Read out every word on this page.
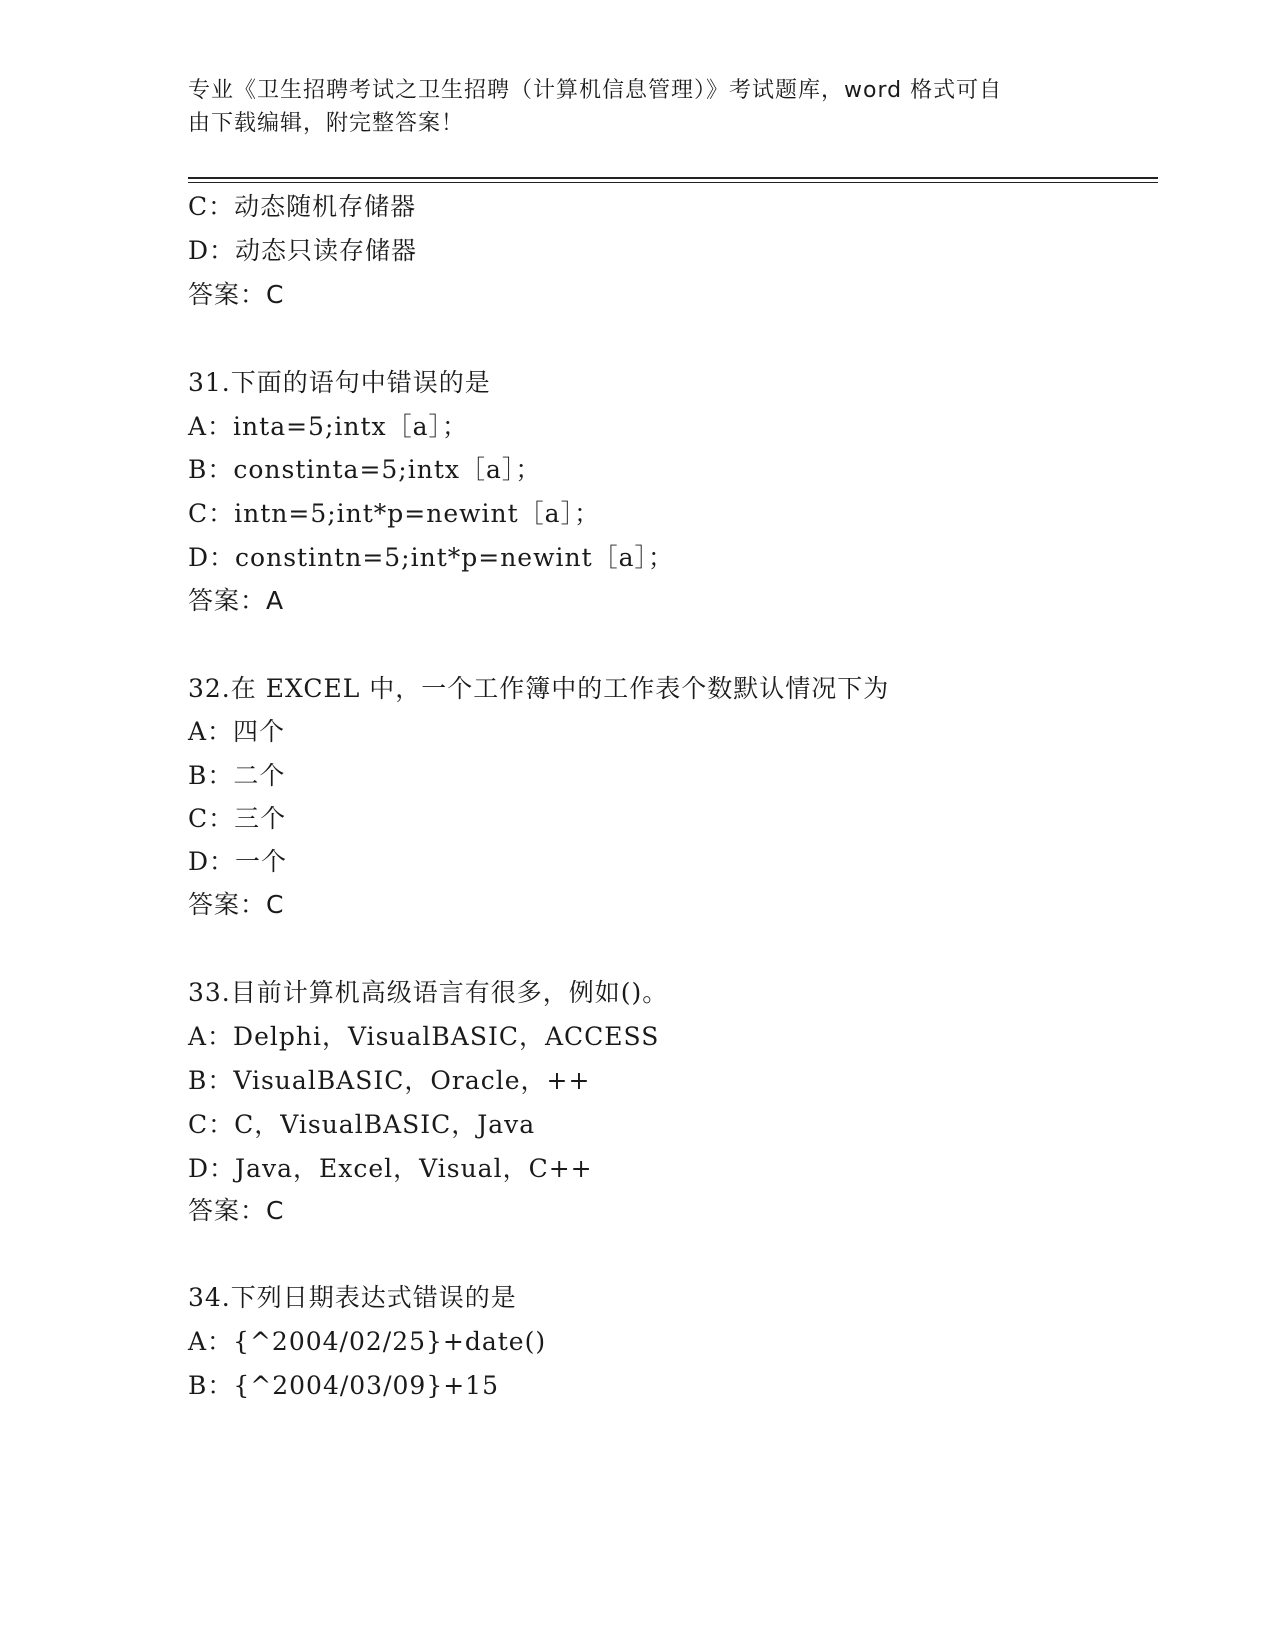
专业《卫生招聘考试之卫生招聘（计算机信息管理）》考试题库，word 格式可自
由下载编辑，附完整答案！
C：动态随机存储器
D：动态只读存储器
答案：C
31.下面的语句中错误的是
A：inta=5;intx［a］；
B：constinta=5;intx［a］；
C：intn=5;int*p=newint［a］；
D：constintn=5;int*p=newint［a］；
答案：A
32.在 EXCEL 中，一个工作簿中的工作表个数默认情况下为
A：四个
B：二个
C：三个
D：一个
答案：C
33.目前计算机高级语言有很多，例如()。
A：Delphi，VisualBASIC，ACCESS
B：VisualBASIC，Oracle，++
C：C，VisualBASIC，Java
D：Java，Excel，Visual，C++
答案：C
34.下列日期表达式错误的是
A：{^2004/02/25}+date()
B：{^2004/03/09}+15
